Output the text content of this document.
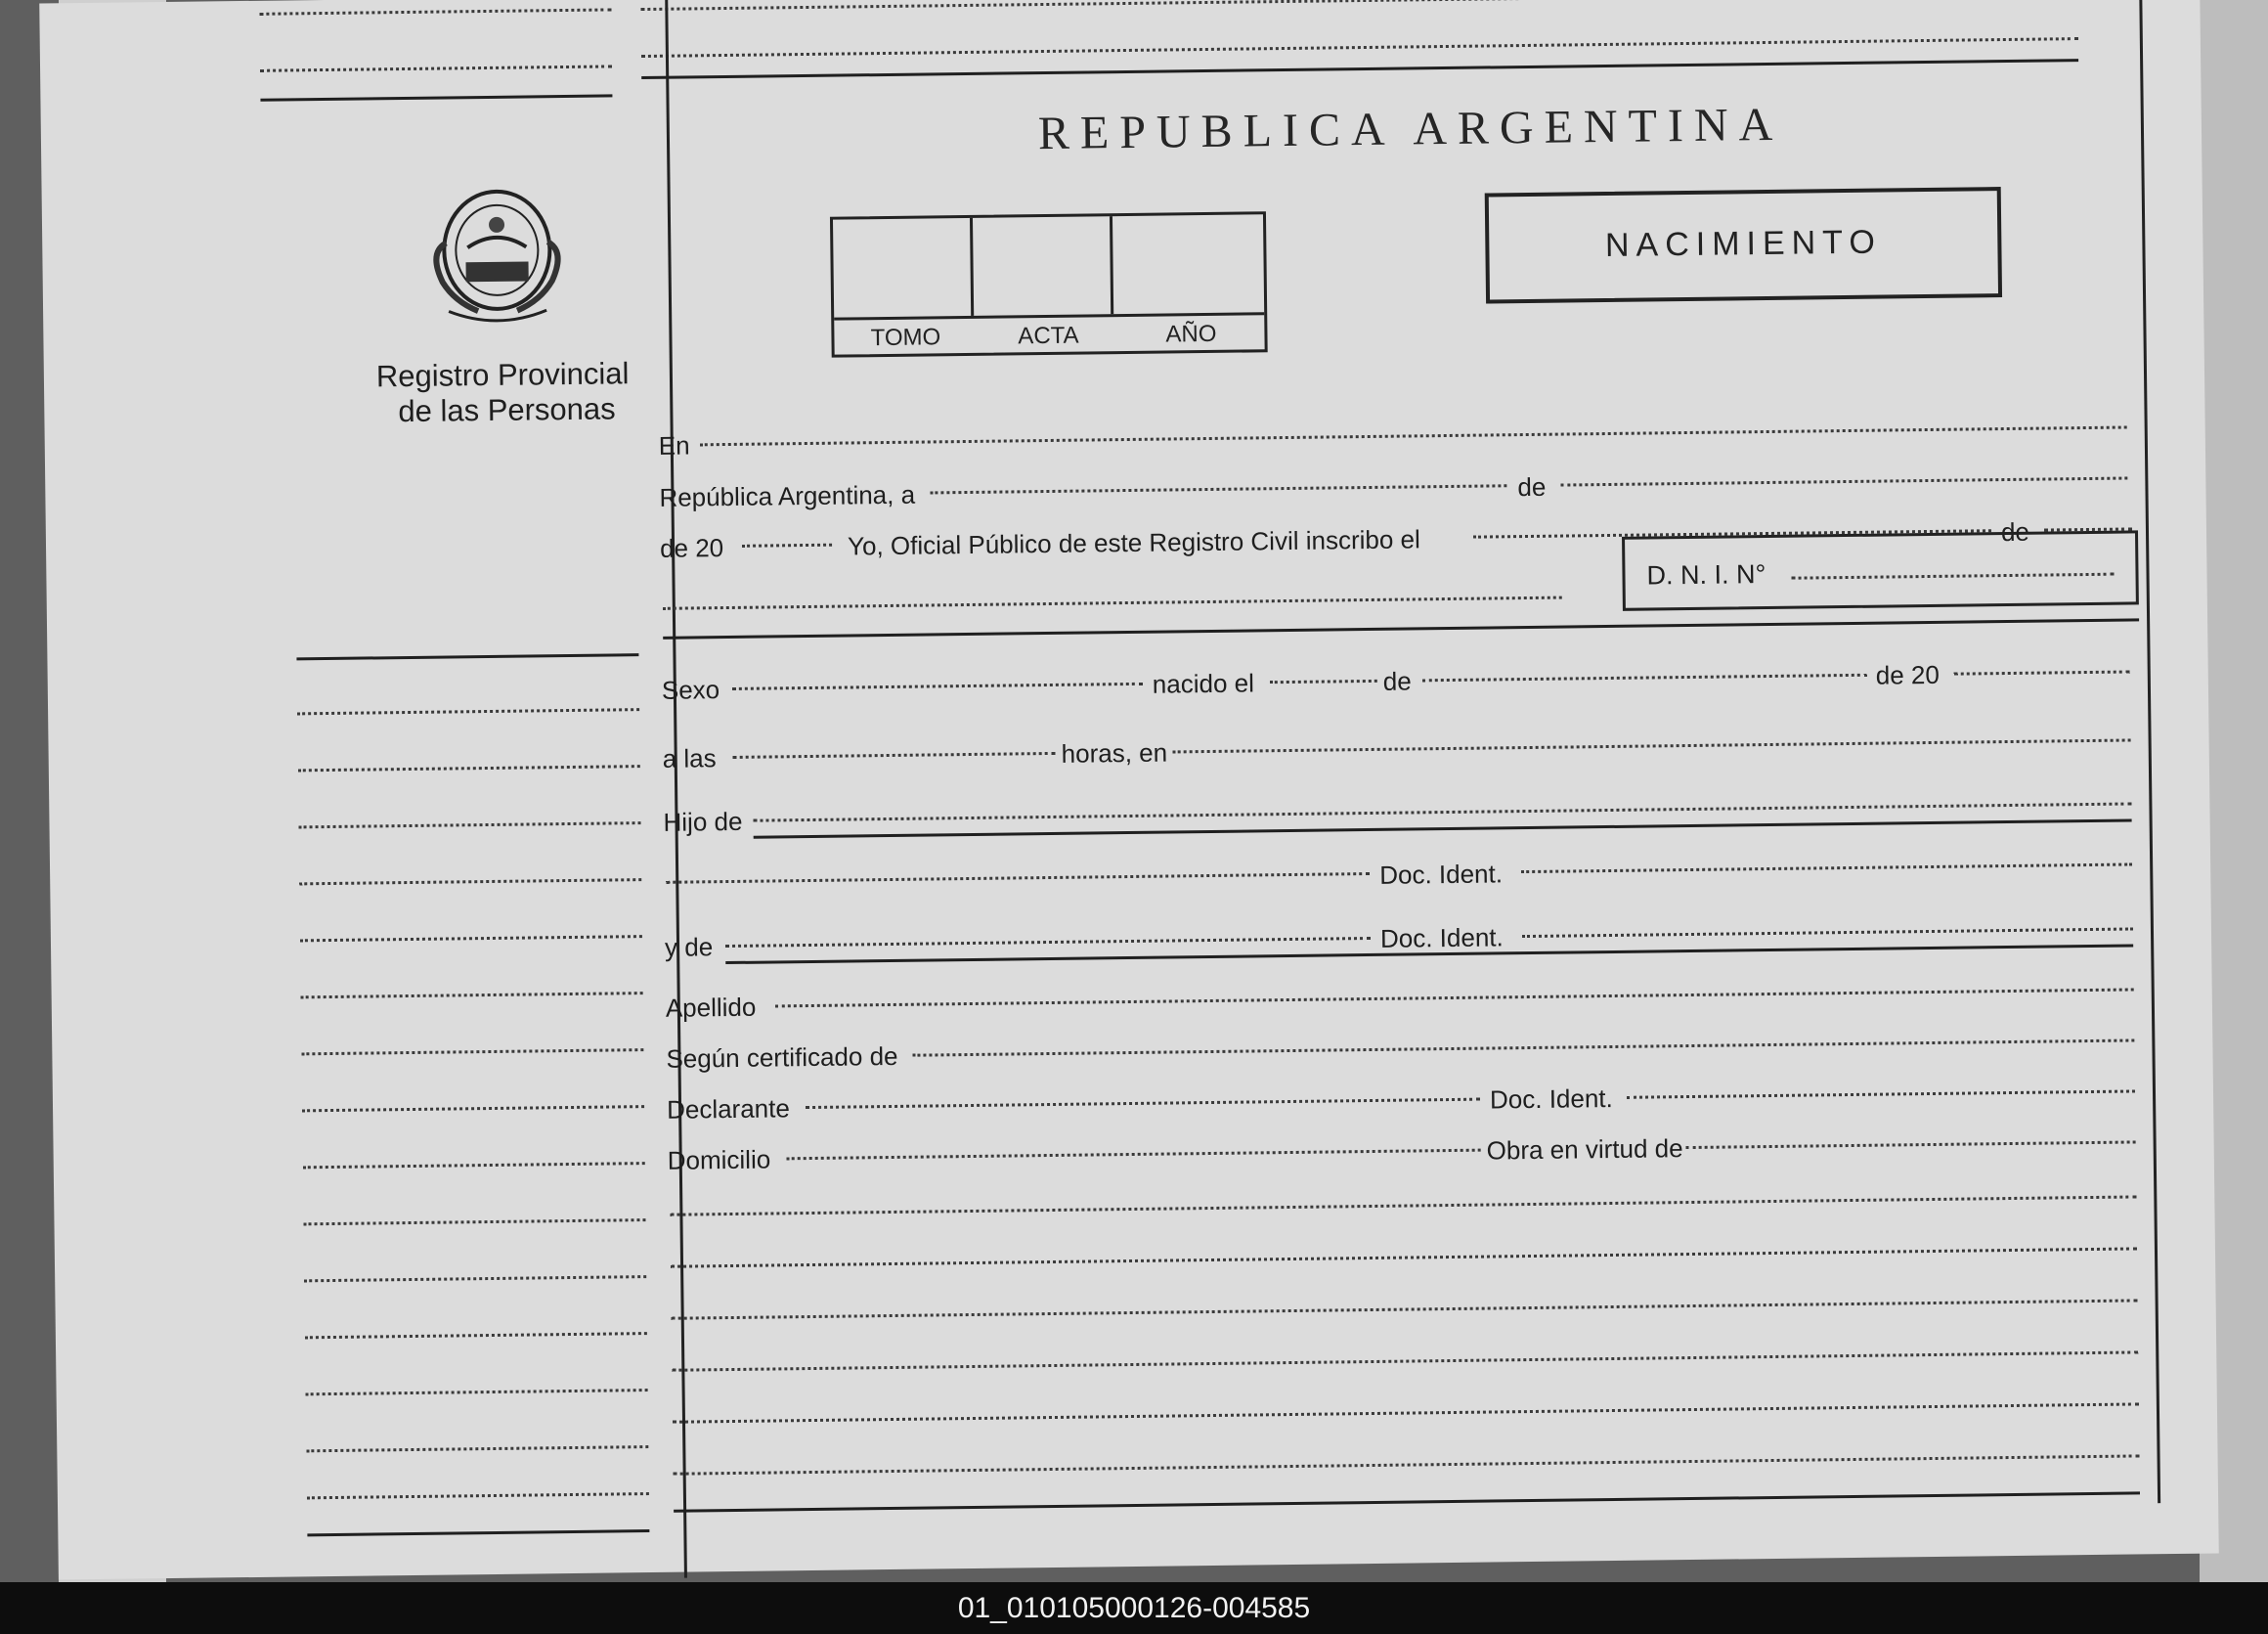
REPUBLICA ARGENTINA
Registro Provincial
de las Personas
TOMO	ACTA	AÑO
NACIMIENTO
En
República Argentina, a	de
de 20	Yo, Oficial Público de este Registro Civil inscribo el	de
D. N. I. N°
Sexo	nacido el	de	de 20
a las	horas, en
Hijo de
Doc. Ident.
y de	Doc. Ident.
Apellido
Según certificado de
Declarante	Doc. Ident.
Domicilio	Obra en virtud de
01_010105000126-004585
